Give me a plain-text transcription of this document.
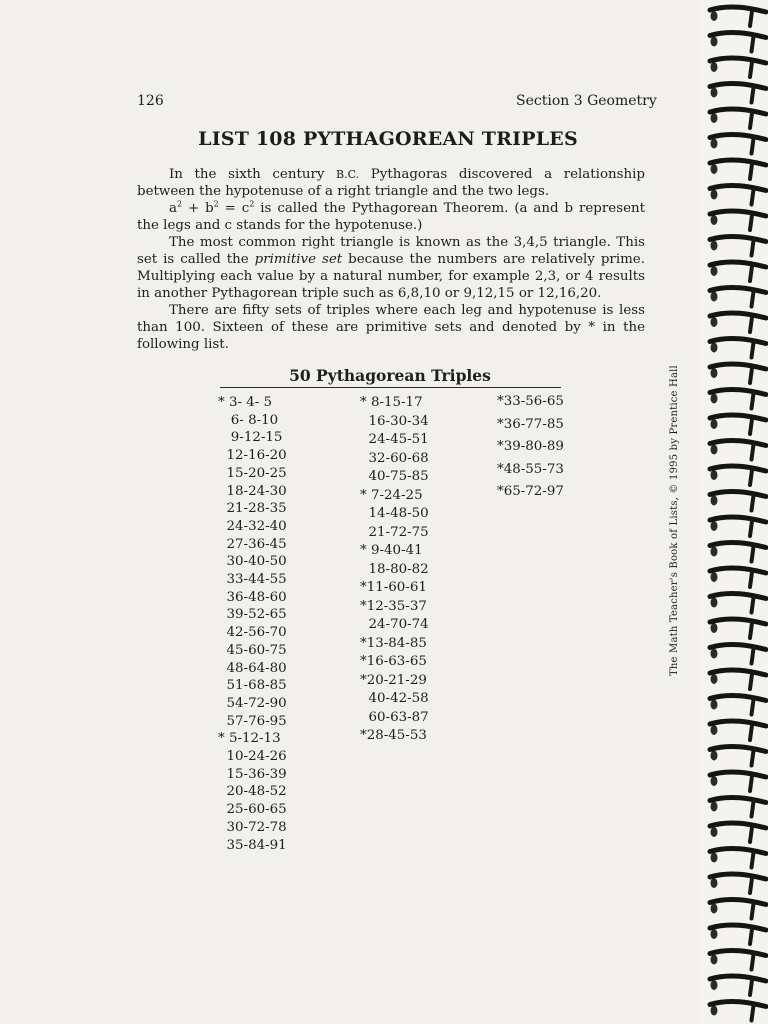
126	Section 3 Geometry
LIST 108 PYTHAGOREAN TRIPLES

In the sixth century B.C. Pythagoras discovered a relationship between the hypotenuse of a right triangle and the two legs.

$a^2 + b^2 = c^2$ is called the Pythagorean Theorem. (a and b represent the legs and c stands for the hypotenuse.)

The most common right triangle is known as the 3,4,5 triangle. This set is called the primitive set because the numbers are relatively prime. Multiplying each value by a natural number, for example 2,3, or 4 results in another Pythagorean triple such as 6,8,10 or 9,12,15 or 12,16,20.

There are fifty sets of triples where each leg and hypotenuse is less than 100. Sixteen of these are primitive sets and denoted by * in the following list.

50 Pythagorean Triples
* 3- 4- 5
6- 8-10
9-12-15
12-16-20
15-20-25
18-24-30
21-28-35
24-32-40
27-36-45
30-40-50
33-44-55
36-48-60
39-52-65
42-56-70
45-60-75
48-64-80
51-68-85
54-72-90
57-76-95
* 5-12-13
10-24-26
15-36-39
20-48-52
25-60-65
30-72-78
35-84-91
* 8-15-17
16-30-34
24-45-51
32-60-68
40-75-85
* 7-24-25
14-48-50
21-72-75
* 9-40-41
18-80-82
*11-60-61
*12-35-37
24-70-74
*13-84-85
*16-63-65
*20-21-29
40-42-58
60-63-87
*28-45-53
*33-56-65
*36-77-85
*39-80-89
*48-55-73
*65-72-97	The Math Teacher's Book of Lists, © 1995 by Prentice Hall
